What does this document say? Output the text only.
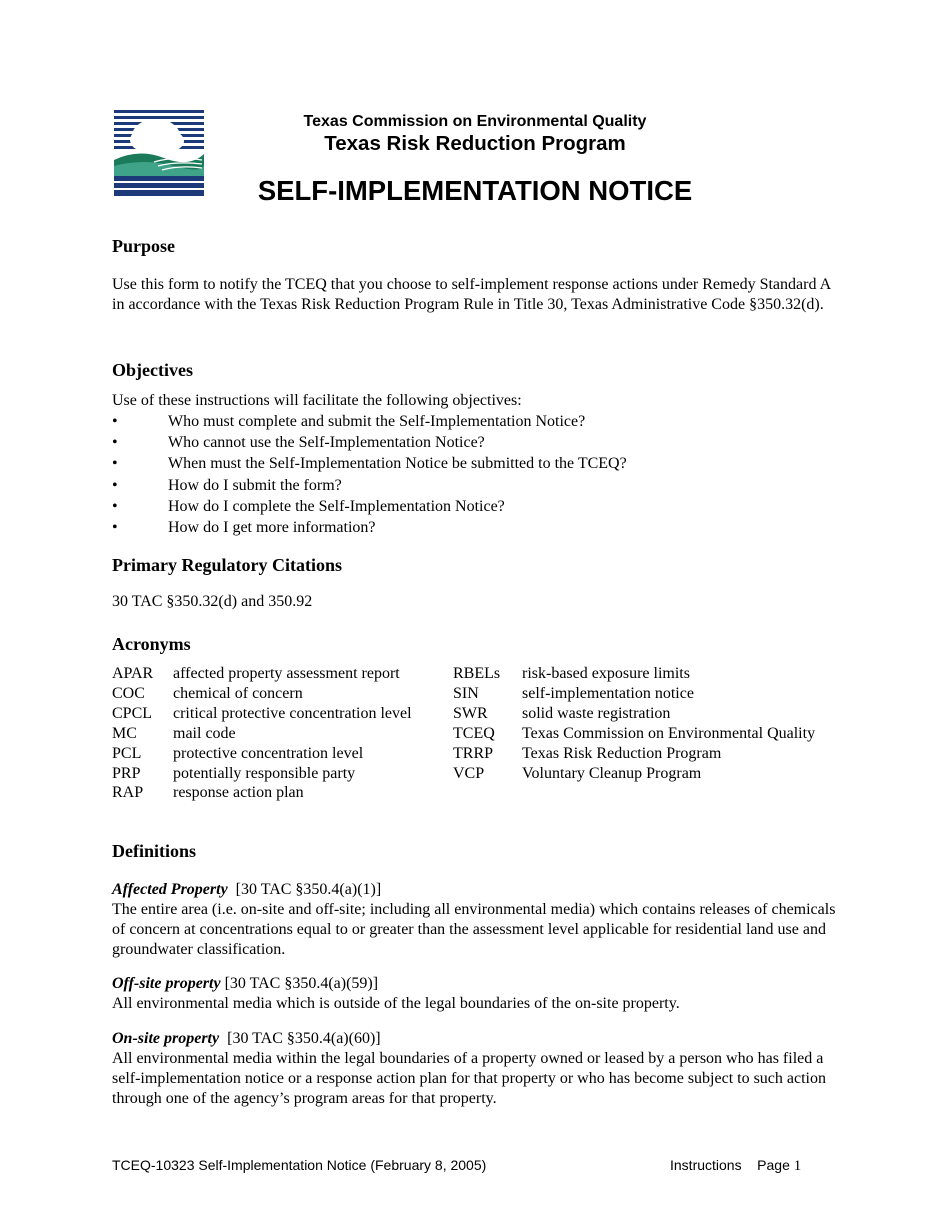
Texas Commission on Environmental Quality
Texas Risk Reduction Program
SELF-IMPLEMENTATION NOTICE
Purpose

Use this form to notify the TCEQ that you choose to self-implement response actions under Remedy Standard A in accordance with the Texas Risk Reduction Program Rule in Title 30, Texas Administrative Code §350.32(d).

Objectives

Use of these instructions will facilitate the following objectives:

•	Who must complete and submit the Self-Implementation Notice?
•	Who cannot use the Self-Implementation Notice?
•	When must the Self-Implementation Notice be submitted to the TCEQ?
•	How do I submit the form?
•	How do I complete the Self-Implementation Notice?
•	How do I get more information?
Primary Regulatory Citations

30 TAC §350.32(d) and 350.92

Acronyms
APAR	affected property assessment report
COC	chemical of concern
CPCL	critical protective concentration level
MC	mail code
PCL	protective concentration level
PRP	potentially responsible party
RAP	response action plan
RBELs	risk-based exposure limits
SIN	self-implementation notice
SWR	solid waste registration
TCEQ	Texas Commission on Environmental Quality
TRRP	Texas Risk Reduction Program
VCP	Voluntary Cleanup Program
Definitions

Affected Property [30 TAC §350.4(a)(1)]
The entire area (i.e. on-site and off-site; including all environmental media) which contains releases of chemicals of concern at concentrations equal to or greater than the assessment level applicable for residential land use and groundwater classification.

Off-site property [30 TAC §350.4(a)(59)]
All environmental media which is outside of the legal boundaries of the on-site property.

On-site property [30 TAC §350.4(a)(60)]
All environmental media within the legal boundaries of a property owned or leased by a person who has filed a self-implementation notice or a response action plan for that property or who has become subject to such action through one of the agency’s program areas for that property.

TCEQ-10323 Self-Implementation Notice (February 8, 2005)	Instructions Page 1
